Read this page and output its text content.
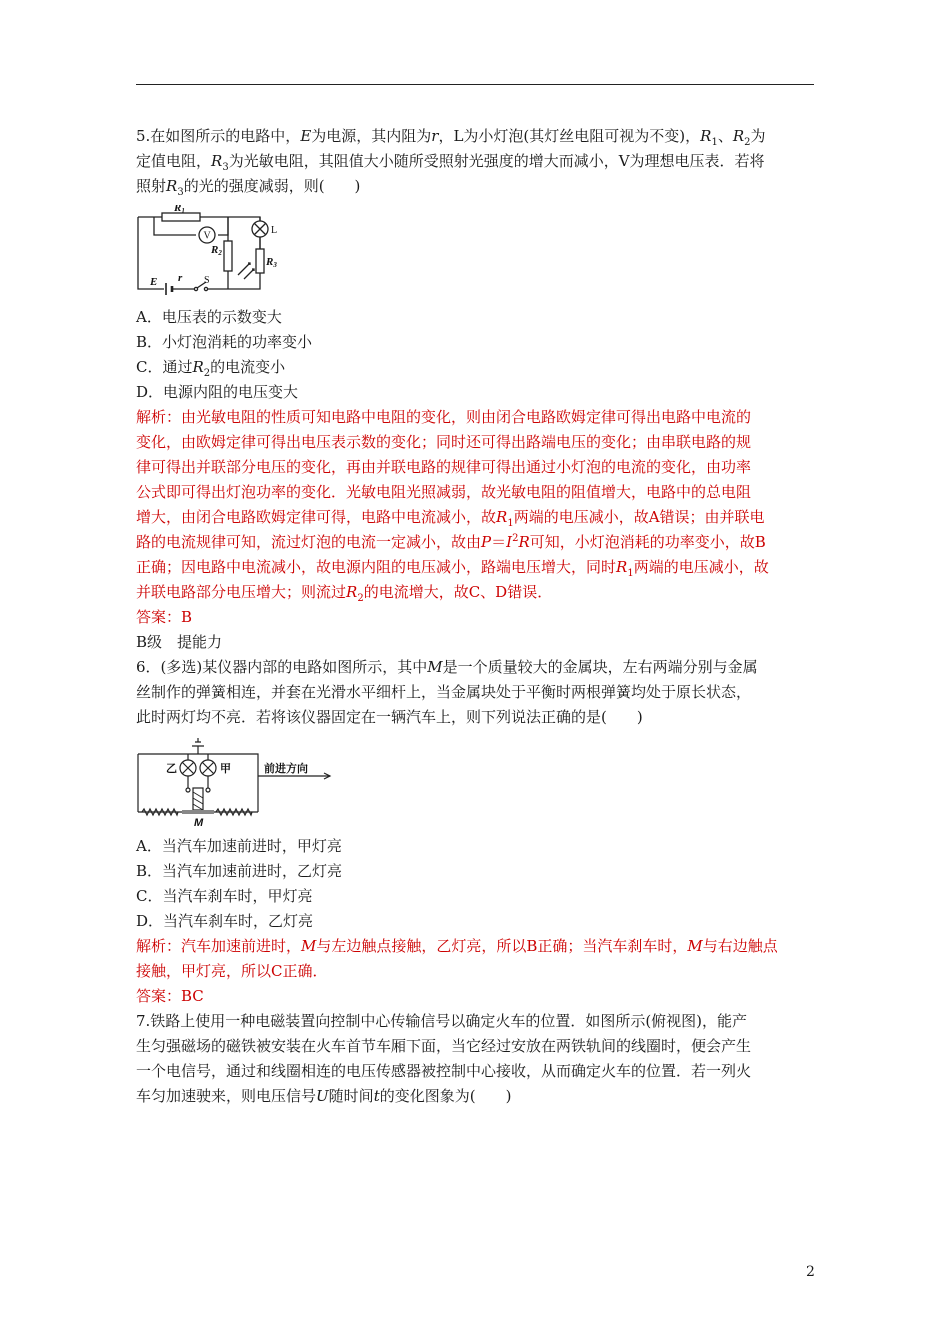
5.在如图所示的电路中，E为电源，其内阻为r，L为小灯泡(其灯丝电阻可视为不变)，$R_1$、$R_2$为
定值电阻，$R_3$为光敏电阻，其阻值大小随所受照射光强度的增大而减小，V为理想电压表．若将
照射$R_3$的光的强度减弱，则(　　)

R1
R2
R3
E r
V	L
S

A．电压表的示数变大

B．小灯泡消耗的功率变小

C．通过$R_2$的电流变小

D．电源内阻的电压变大

解析：由光敏电阻的性质可知电路中电阻的变化，则由闭合电路欧姆定律可得出电路中电流的
变化，由欧姆定律可得出电压表示数的变化；同时还可得出路端电压的变化；由串联电路的规
律可得出并联部分电压的变化，再由并联电路的规律可得出通过小灯泡的电流的变化，由功率
公式即可得出灯泡功率的变化．光敏电阻光照减弱，故光敏电阻的阻值增大，电路中的总电阻
增大，由闭合电路欧姆定律可得，电路中电流减小，故$R_1$两端的电压减小，故A错误；由并联电
路的电流规律可知，流过灯泡的电流一定减小，故由$P=I^2R$可知，小灯泡消耗的功率变小，故B
正确；因电路中电流减小，故电源内阻的电压减小，路端电压增大，同时$R_1$两端的电压减小，故
并联电路部分电压增大；则流过$R_2$的电流增大，故C、D错误．

答案：B

B级　提能力

6．(多选)某仪器内部的电路如图所示，其中M是一个质量较大的金属块，左右两端分别与金属
丝制作的弹簧相连，并套在光滑水平细杆上，当金属块处于平衡时两根弹簧均处于原长状态，
此时两灯均不亮．若将该仪器固定在一辆汽车上，则下列说法正确的是(　　)

乙	甲	前进方向
M

A．当汽车加速前进时，甲灯亮

B．当汽车加速前进时，乙灯亮

C．当汽车刹车时，甲灯亮

D．当汽车刹车时，乙灯亮

解析：汽车加速前进时，M与左边触点接触，乙灯亮，所以B正确；当汽车刹车时，M与右边触点
接触，甲灯亮，所以C正确．

答案：BC

7.铁路上使用一种电磁装置向控制中心传输信号以确定火车的位置．如图所示(俯视图)，能产
生匀强磁场的磁铁被安装在火车首节车厢下面，当它经过安放在两铁轨间的线圈时，便会产生
一个电信号，通过和线圈相连的电压传感器被控制中心接收，从而确定火车的位置．若一列火
车匀加速驶来，则电压信号U随时间t的变化图象为(　　)

2
